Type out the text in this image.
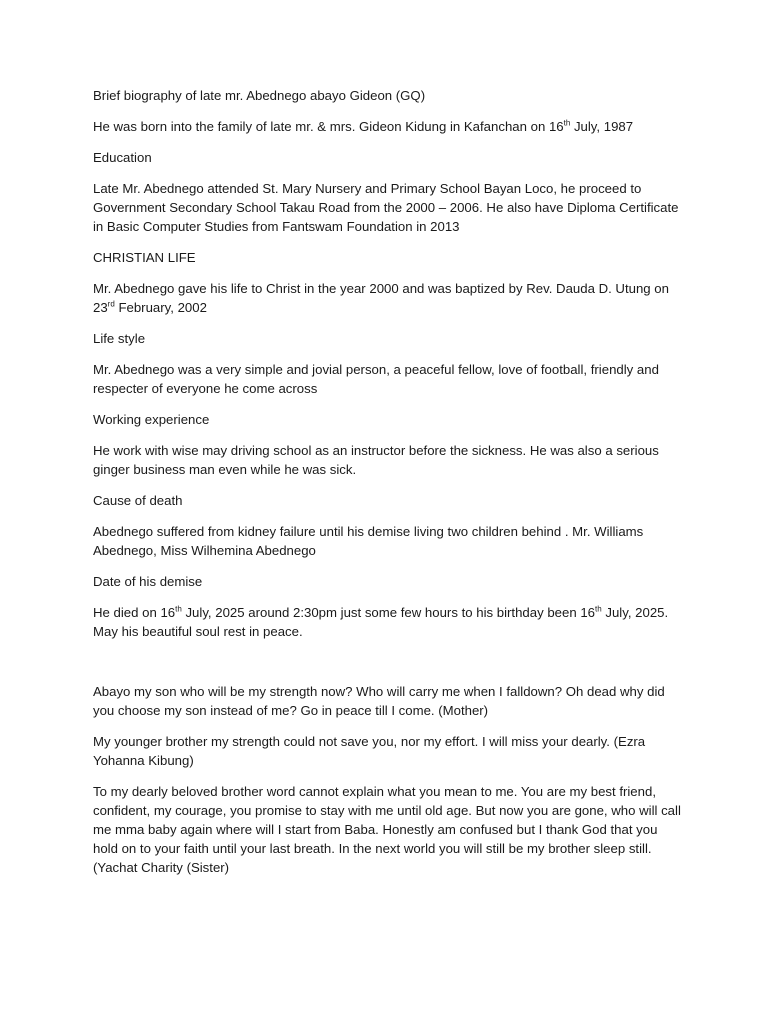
Brief biography of late mr. Abednego abayo Gideon (GQ)

He was born into the family of late mr. & mrs. Gideon Kidung in Kafanchan on 16th July, 1987

Education

Late Mr. Abednego attended St. Mary Nursery and Primary School Bayan Loco, he proceed to Government Secondary School Takau Road from the 2000 – 2006. He also have Diploma Certificate in Basic Computer Studies from Fantswam Foundation in 2013

CHRISTIAN LIFE

Mr. Abednego gave his life to Christ in the year 2000 and was baptized by Rev. Dauda D. Utung on 23rd February, 2002

Life style

Mr. Abednego was a very simple and jovial person, a peaceful fellow, love of football, friendly and respecter of everyone he come across

Working experience

He work with wise may driving school as an instructor before the sickness. He was also a serious ginger business man even while he was sick.

Cause of death

Abednego suffered from kidney failure until his demise living two children behind . Mr. Williams Abednego, Miss Wilhemina Abednego

Date of his demise

He died on 16th July, 2025 around 2:30pm just some few hours to his birthday been 16th July, 2025. May his beautiful soul rest in peace.

Abayo my son who will be my strength now? Who will carry me when I falldown? Oh dead why did you choose my son instead of me? Go in peace till I come. (Mother)

My younger brother my strength could not save you, nor my effort. I will miss your dearly. (Ezra Yohanna Kibung)

To my dearly beloved brother word cannot explain what you mean to me. You are my best friend, confident, my courage, you promise to stay with me until old age. But now you are gone, who will call me mma baby again where will I start from Baba. Honestly am confused but I thank God that you hold on to your faith until your last breath. In the next world you will still be my brother sleep still. (Yachat Charity (Sister)
